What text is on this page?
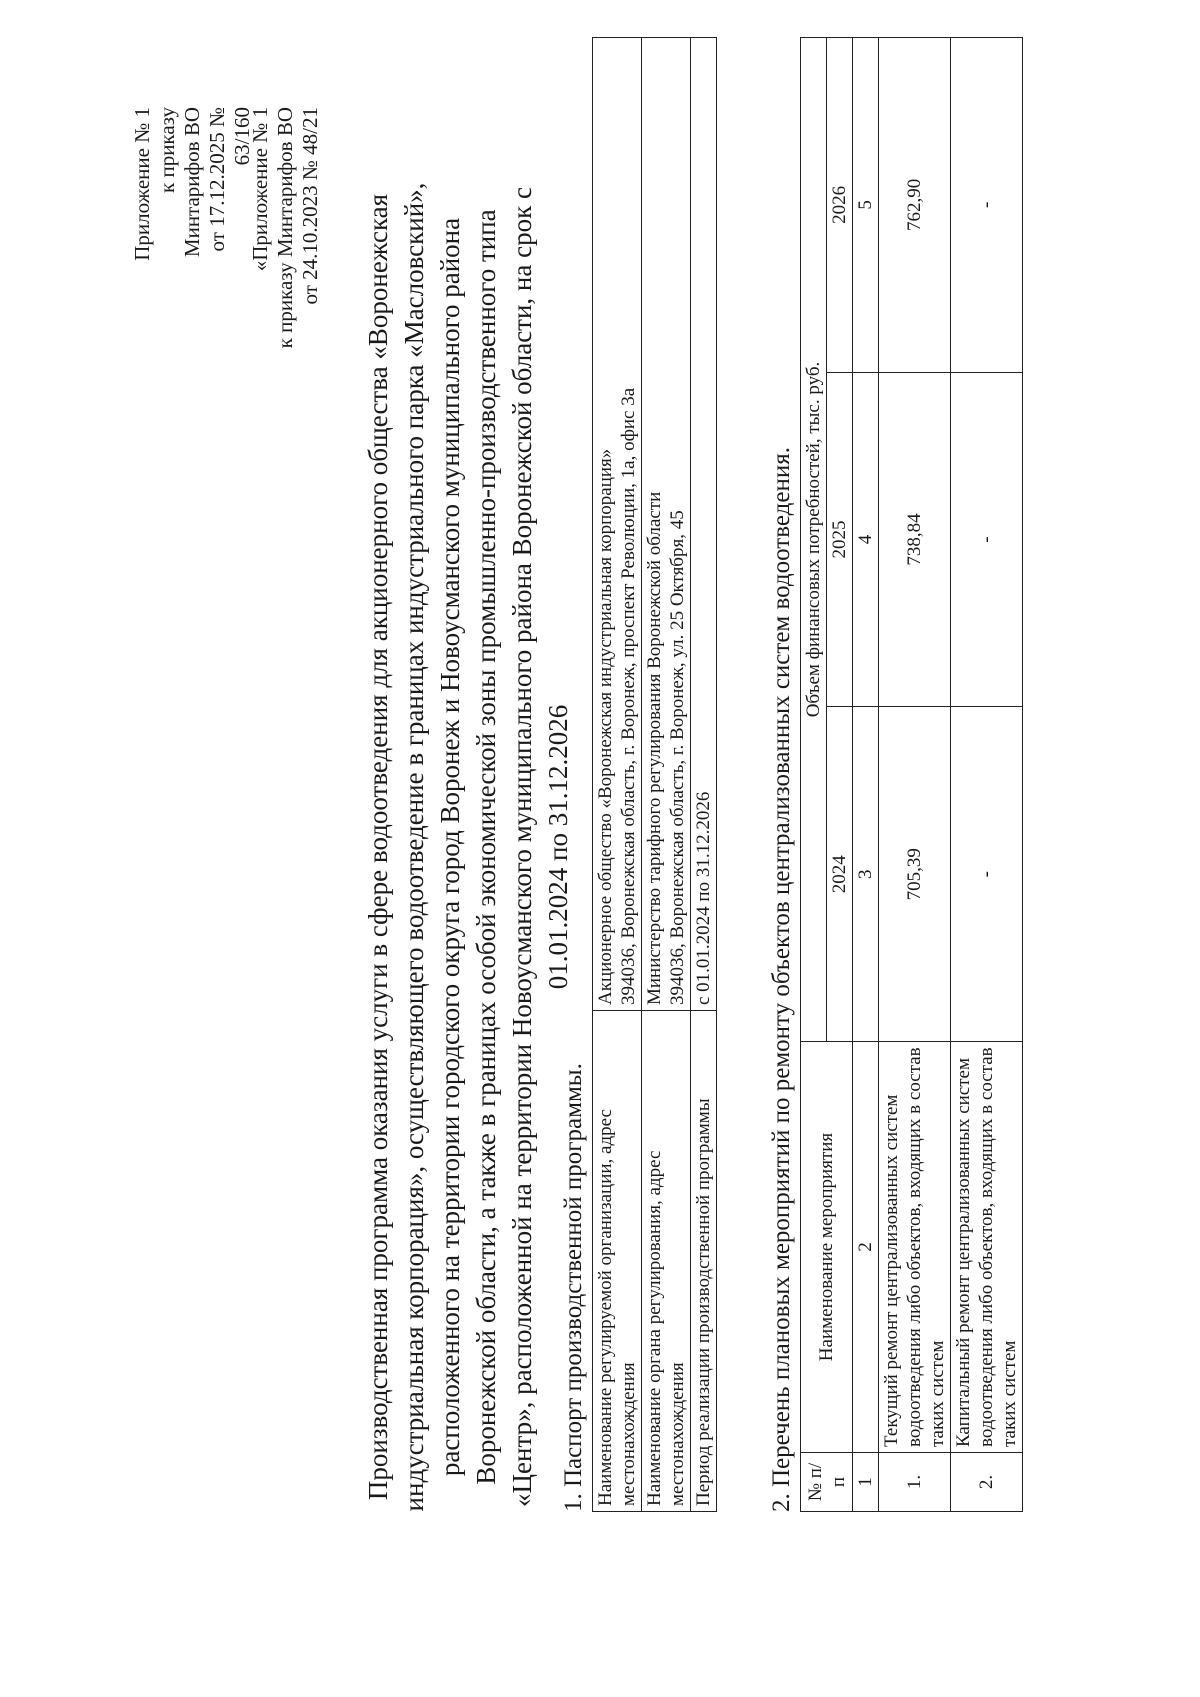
Приложение № 1 к приказу Минтарифов ВО от 17.12.2025 № 63/160
«Приложение № 1 к приказу Минтарифов ВО от 24.10.2023 № 48/21 Производственная программа оказания услуги в сфере водоотведения для акционерного общества «Воронежская индустриальная корпорация», осуществляющего водоотведение в границах индустриального парка «Масловский», расположенного на территории городского округа город Воронеж и Новоусманского муниципального района Воронежской области, а также в границах особой экономической зоны промышленно-производственного типа «Центр», расположенной на территории Новоусманского муниципального района Воронежской области, на срок с 01.01.2024 по 31.12.2026
1. Паспорт производственной программы. Наименование регулируемой организации, адрес местонахождения	Акционерное общество «Воронежская индустриальная корпорация» 394036, Воронежская область, г. Воронеж, проспект Революции, 1а, офис 3а

Наименование органа регулирования, адрес местонахождения	Министерство тарифного регулирования Воронежской области 394036, Воронежская область, г. Воронеж, ул. 25 Октября, 45

Период реализации производственной программы	с 01.01.2024 по 31.12.2026 2. Перечень плановых мероприятий по ремонту объектов централизованных систем водоотведения. № п/п	Наименование мероприятия	Объем финансовых потребностей, тыс. руб.		
		2024	2025	2026
1	2	3	4	5
1.	Текущий ремонт централизованных систем водоотведения либо объектов, входящих в состав таких систем	705,39	738,84	762,90
2.	Капитальный ремонт централизованных систем водоотведения либо объектов, входящих в состав таких систем	-	-	-
